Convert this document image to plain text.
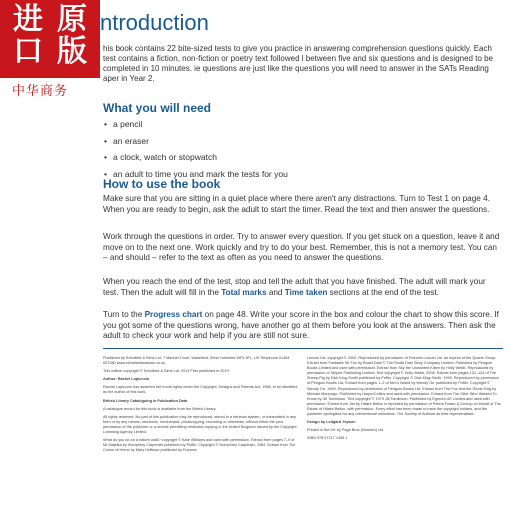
进 原
口 版
中华商务
ntroduction
his book contains 22 bite-sized tests to give you practice in answering comprehension questions quickly. Each test contains a fiction, non-fiction or poetry text followed l between five and six questions and is designed to be completed in 10 minutes. ie questions are just like the questions you will need to answer in the SATs Reading aper in Year 2.
What you will need
• a pencil
• an eraser
• a clock, watch or stopwatch
• an adult to time you and mark the tests for you
How to use the book
Make sure that you are sitting in a quiet place where there aren't any distractions. Turn to Test 1 on page 4. When you are ready to begin, ask the adult to start the timer. Read the text and then answer the questions.
Work through the questions in order. Try to answer every question. If you get stuck on a question, leave it and move on to the next one. Work quickly and try to do your best. Remember, this is not a memory test. You can – and should – refer to the text as often as you need to answer the questions.
When you reach the end of the test, stop and tell the adult that you have finished. The adult will mark your test. Then the adult will fill in the Total marks and Time taken sections at the end of the test.
Turn to the Progress chart on page 48. Write your score in the box and colour the chart to show this score. If you got some of the questions wrong, have another go at them before you look at the answers. Then ask the adult to check your work and help if you are still not sure.

Published by Schofield & Sims Ltd, 7 Mariner Court, Wakefield, West Yorkshire WF4 3FL, UK Telephone 01484 607080 www.schofieldandsims.co.uk

This edition copyright © Schofield & Sims Ltd, 2019 First published in 2019

Author: Rachel Lopiccolo

Rachel Lopiccolo has asserted her moral rights under the Copyright, Designs and Patents Act, 1988, to be identified as the author of this work.

British Library Cataloguing in Publication Data

A catalogue record for this book is available from the British Library.

All rights reserved. No part of this publication may be reproduced, stored in a retrieval system, or transmitted in any form or by any means, electronic, mechanical, photocopying, recording or otherwise, without either the prior permission of the publisher or a licence permitting restricted copying in the United Kingdom issued by the Copyright Licensing Agency Limited.

What do you do on a nature walk? copyright © Kate Williams and used with permission. Extract from pages 7–9 of Mr Majeika by Humphrey Carpenter published by Puffin. Copyright © Humphrey Carpenter, 1984. Extract from The Colour of Home by Mary Hoffman published by Frances

Lincoln Ltd, copyright © 2002. Reproduced by permission of Frances Lincoln Ltd, an imprint of the Quarto Group. Extract from Fantastic Mr Fox by Roald Dahl © The Roald Dahl Story Company Limited. Published by Penguin Books Limited and used with permission. Extract from Sky the Unwanted Kitten by Holly Webb. Reproduced by permission of Stripes Publishing Limited. Text copyright © Holly Webb, 2008. Extract from pages 122–124 of The Sheep-Pig by Dick King-Smith published by Puffin. Copyright © Dick King-Smith, 1999. Reproduced by permission of Penguin Books Ltd. Extract from pages 1–2 of Nim's Island by Wendy Orr published by Puffin. Copyright © Wendy Orr, 1999. Reproduced by permission of Penguin Books Ltd. Extract from The Fox and the Ghost King by Michael Morpurgo. Published by HarperCollins and used with permission. Extract from The Otter Who Wanted To Know by Jill Tomlinson. Text copyright © 1979 Jill Tomlinson. Published by Egmont UK Limited and used with permission. Extract from Jim by Hilaire Belloc is reprinted by permission of Peters Fraser & Dunlop on behalf of The Estate of Hilaire Belloc, with permission. Every effort has been made to trace the copyright holders, and the publisher apologises for any unintentional omissions. The Society of Authors as their representative.

Design by Ledgard Jepson

Printed in the UK by Page Bros (Norwich) Ltd

ISBN 978 07217 1498 1
